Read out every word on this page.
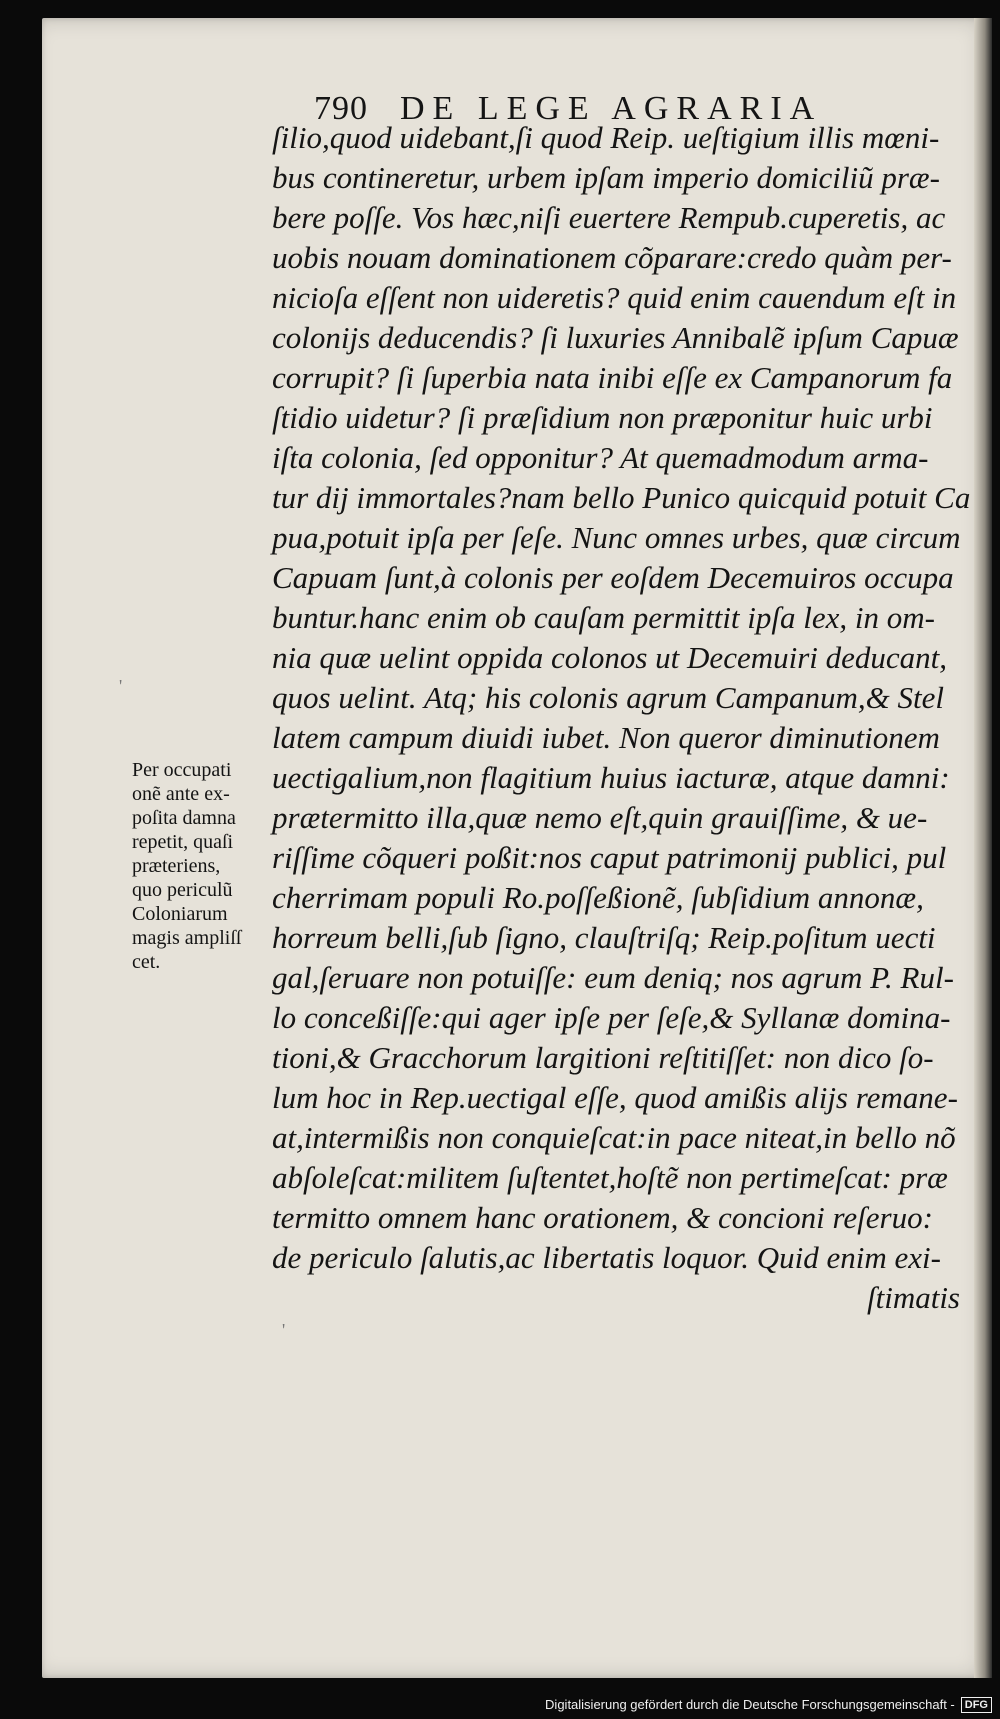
790 DE LEGE AGRARIA
ſilio,quod uidebant,ſi quod Reip. ueſtigium illis mœni-
bus contineretur, urbem ipſam imperio domiciliũ præ-
bere poſſe. Vos hæc,niſi euertere Rempub.cuperetis, ac
uobis nouam dominationem cõparare:credo quàm per-
nicioſa eſſent non uideretis? quid enim cauendum eſt in
colonijs deducendis? ſi luxuries Annibalẽ ipſum Capuæ
corrupit? ſi ſuperbia nata inibi eſſe ex Campanorum fa
ſtidio uidetur? ſi præſidium non præponitur huic urbi
iſta colonia, ſed opponitur? At quemadmodum arma-
tur dij immortales?nam bello Punico quicquid potuit Ca
pua,potuit ipſa per ſeſe. Nunc omnes urbes, quæ circum
Capuam ſunt,à colonis per eoſdem Decemuiros occupa
buntur.hanc enim ob cauſam permittit ipſa lex, in om-
nia quæ uelint oppida colonos ut Decemuiri deducant,
quos uelint. Atq; his colonis agrum Campanum,& Stel
latem campum diuidi iubet. Non queror diminutionem
uectigalium,non flagitium huius iacturæ, atque damni:
prætermitto illa,quæ nemo eſt,quin grauiſſime, & ue-
riſſime cõqueri poßit:nos caput patrimonij publici, pul
cherrimam populi Ro.poſſeßionẽ, ſubſidium annonæ,
horreum belli,ſub ſigno, clauſtriſq; Reip.poſitum uecti
gal,ſeruare non potuiſſe: eum deniq; nos agrum P. Rul-
lo conceßiſſe:qui ager ipſe per ſeſe,& Syllanæ domina-
tioni,& Gracchorum largitioni reſtitiſſet: non dico ſo-
lum hoc in Rep.uectigal eſſe, quod amißis alijs remane-
at,intermißis non conquieſcat:in pace niteat,in bello nõ
abſoleſcat:militem ſuſtentet,hoſtẽ non pertimeſcat: præ
termitto omnem hanc orationem, & concioni reſeruo:
de periculo ſalutis,ac libertatis loquor. Quid enim exi-
ſtimatis
Per occupati
onẽ ante ex-
poſita damna
repetit, quaſi
præteriens,
quo periculũ
Coloniarum
magis ampliſſ
cet.
'
'
Digitalisierung gefördert durch die Deutsche Forschungsgemeinschaft - DFG
